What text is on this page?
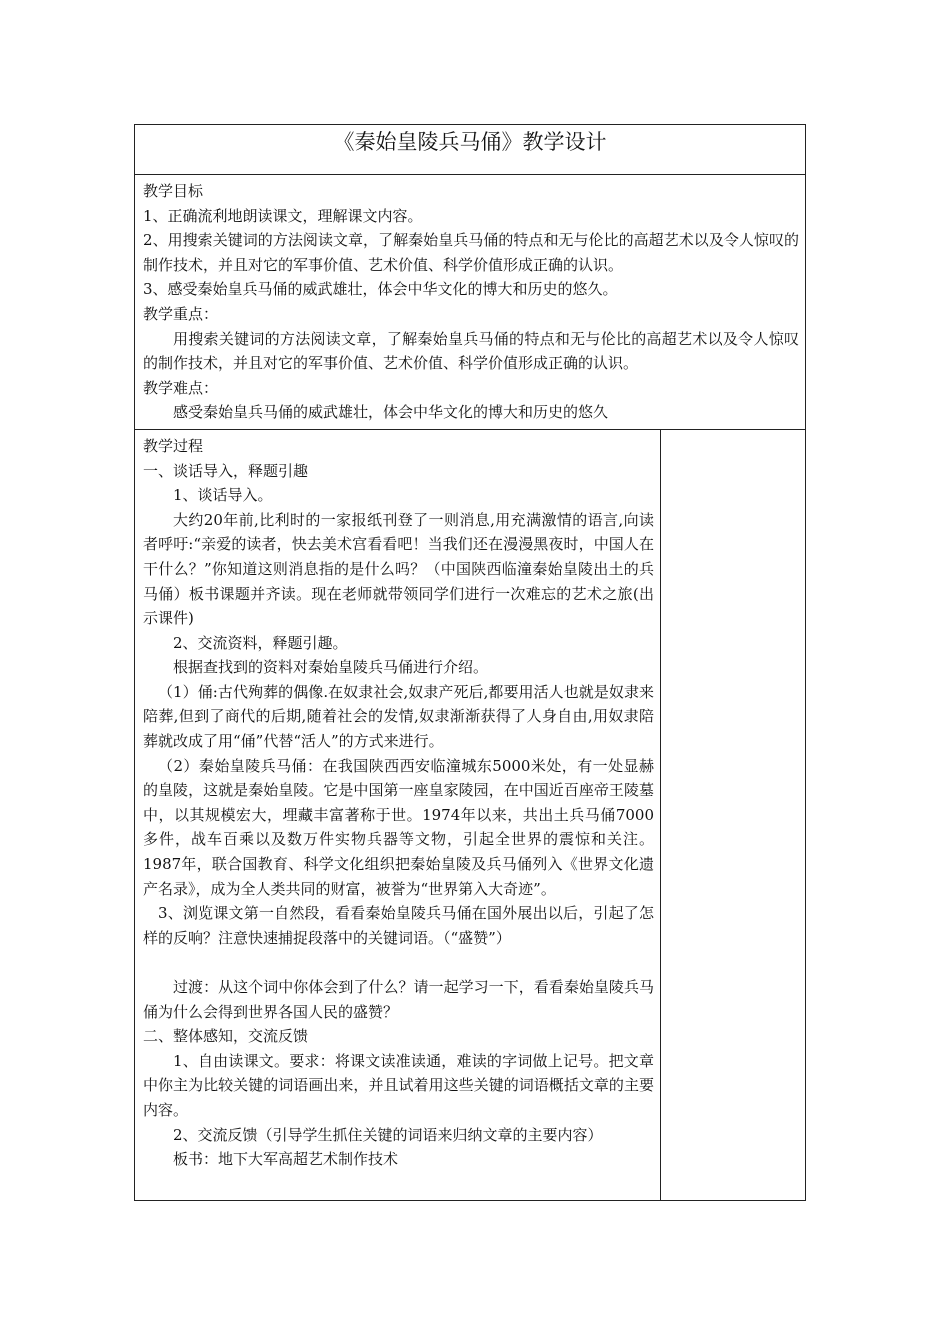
《秦始皇陵兵马俑》教学设计

教学目标

1、正确流利地朗读课文，理解课文内容。

2、用搜索关键词的方法阅读文章，了解秦始皇兵马俑的特点和无与伦比的高超艺术以及令人惊叹的制作技术，并且对它的军事价值、艺术价值、科学价值形成正确的认识。

3、感受秦始皇兵马俑的威武雄壮，体会中华文化的博大和历史的悠久。

教学重点：

用搜索关键词的方法阅读文章，了解秦始皇兵马俑的特点和无与伦比的高超艺术以及令人惊叹的制作技术，并且对它的军事价值、艺术价值、科学价值形成正确的认识。

教学难点：

感受秦始皇兵马俑的威武雄壮，体会中华文化的博大和历史的悠久

教学过程

一、谈话导入，释题引趣

1、谈话导入。

大约20年前,比利时的一家报纸刊登了一则消息,用充满激情的语言,向读者呼吁:“亲爱的读者，快去美术宫看看吧！当我们还在漫漫黑夜时，中国人在干什么？”你知道这则消息指的是什么吗？（中国陕西临潼秦始皇陵出土的兵马俑）板书课题并齐读。现在老师就带领同学们进行一次难忘的艺术之旅(出示课件)

2、交流资料，释题引趣。

根据查找到的资料对秦始皇陵兵马俑进行介绍。

（1）俑:古代殉葬的偶像.在奴隶社会,奴隶产死后,都要用活人也就是奴隶来陪葬,但到了商代的后期,随着社会的发情,奴隶渐渐获得了人身自由,用奴隶陪葬就改成了用“俑”代替“活人”的方式来进行。

（2）秦始皇陵兵马俑：在我国陕西西安临潼城东5000米处，有一处显赫的皇陵，这就是秦始皇陵。它是中国第一座皇家陵园，在中国近百座帝王陵墓中，以其规模宏大，埋藏丰富著称于世。1974年以来，共出土兵马俑7000多件，战车百乘以及数万件实物兵器等文物，引起全世界的震惊和关注。1987年，联合国教育、科学文化组织把秦始皇陵及兵马俑列入《世界文化遗产名录》，成为全人类共同的财富，被誉为“世界第入大奇迹”。

3、浏览课文第一自然段，看看秦始皇陵兵马俑在国外展出以后，引起了怎样的反响？注意快速捕捉段落中的关键词语。（“盛赞”）

过渡：从这个词中你体会到了什么？请一起学习一下，看看秦始皇陵兵马俑为什么会得到世界各国人民的盛赞？

二、整体感知，交流反馈

1、自由读课文。要求：将课文读准读通，难读的字词做上记号。把文章中你主为比较关键的词语画出来，并且试着用这些关键的词语概括文章的主要内容。

2、交流反馈（引导学生抓住关键的词语来归纳文章的主要内容）

板书：地下大军高超艺术制作技术
